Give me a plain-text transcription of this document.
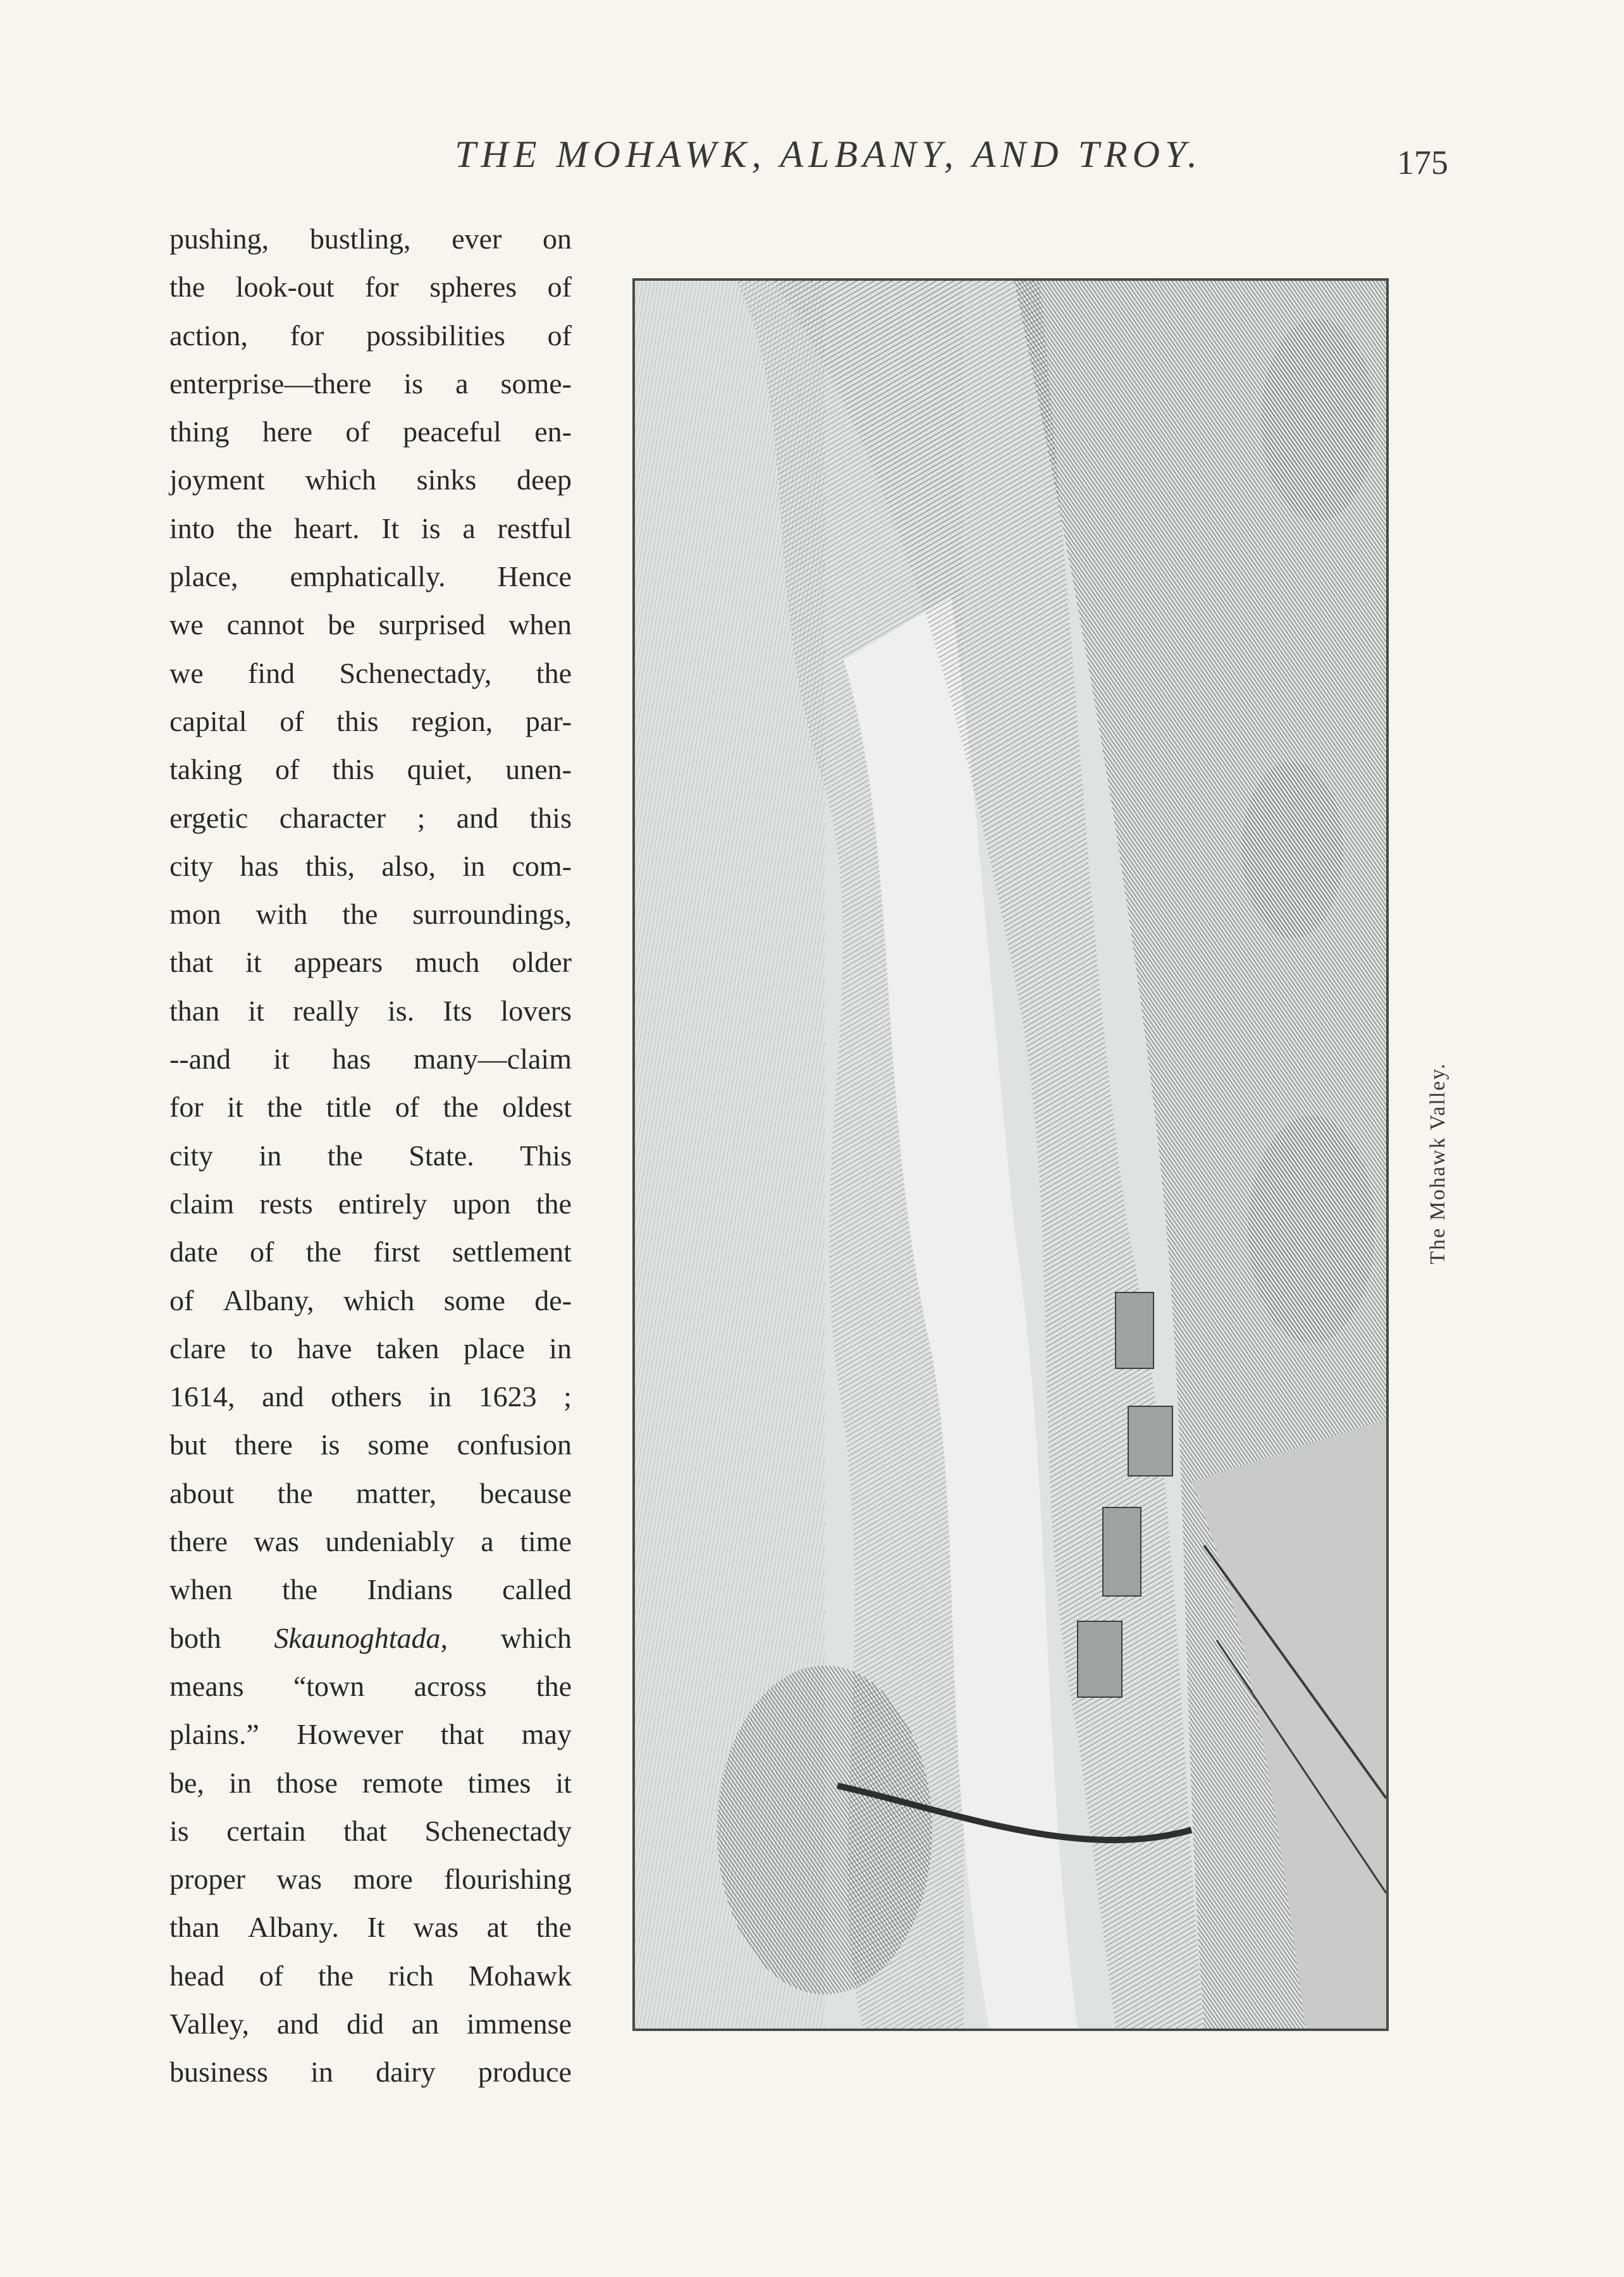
THE MOHAWK, ALBANY, AND TROY.	175
pushing, bustling, ever on
the look-out for spheres of
action, for possibilities of
enterprise—there is a some-
thing here of peaceful en-
joyment which sinks deep
into the heart. It is a restful
place, emphatically. Hence
we cannot be surprised when
we find Schenectady, the
capital of this region, par-
taking of this quiet, unen-
ergetic character ; and this
city has this, also, in com-
mon with the surroundings,
that it appears much older
than it really is. Its lovers
--and it has many—claim
for it the title of the oldest
city in the State. This
claim rests entirely upon the
date of the first settlement
of Albany, which some de-
clare to have taken place in
1614, and others in 1623 ;
but there is some confusion
about the matter, because
there was undeniably a time
when the Indians called
both Skaunoghtada, which
means “town across the
plains.” However that may
be, in those remote times it
is certain that Schenectady
proper was more flourishing
than Albany. It was at the
head of the rich Mohawk
Valley, and did an immense
business in dairy produce
The Mohawk Valley.
